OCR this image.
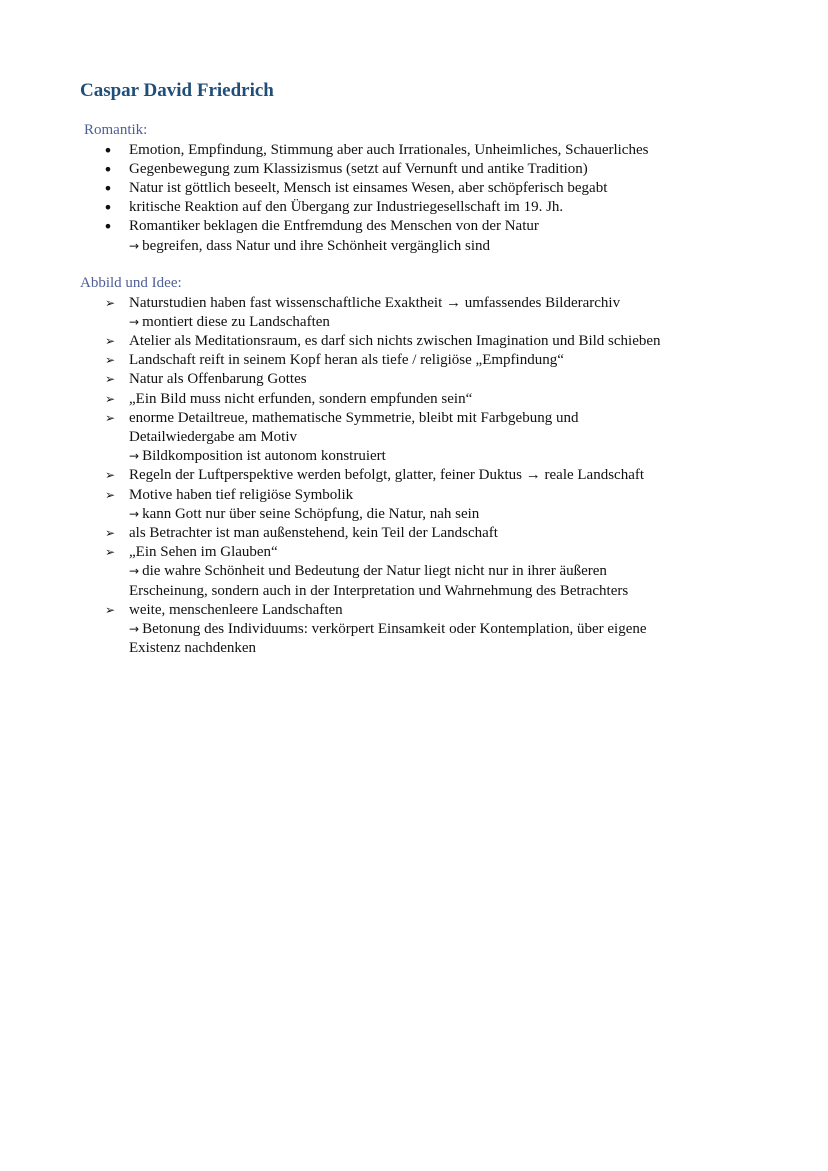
Caspar David Friedrich
Romantik:
• Emotion, Empfindung, Stimmung aber auch Irrationales, Unheimliches, Schauerliches
• Gegenbewegung zum Klassizismus (setzt auf Vernunft und antike Tradition)
• Natur ist göttlich beseelt, Mensch ist einsames Wesen, aber schöpferisch begabt
• kritische Reaktion auf den Übergang zur Industriegesellschaft im 19. Jh.
• Romantiker beklagen die Entfremdung des Menschen von der Natur
→ begreifen, dass Natur und ihre Schönheit vergänglich sind
Abbild und Idee:
➢ Naturstudien haben fast wissenschaftliche Exaktheit → umfassendes Bilderarchiv
→ montiert diese zu Landschaften
➢ Atelier als Meditationsraum, es darf sich nichts zwischen Imagination und Bild schieben
➢ Landschaft reift in seinem Kopf heran als tiefe / religiöse „Empfindung“
➢ Natur als Offenbarung Gottes
➢ „Ein Bild muss nicht erfunden, sondern empfunden sein“
➢ enorme Detailtreue, mathematische Symmetrie, bleibt mit Farbgebung und
Detailwiedergabe am Motiv
→ Bildkomposition ist autonom konstruiert
➢ Regeln der Luftperspektive werden befolgt, glatter, feiner Duktus → reale Landschaft
➢ Motive haben tief religiöse Symbolik
→ kann Gott nur über seine Schöpfung, die Natur, nah sein
➢ als Betrachter ist man außenstehend, kein Teil der Landschaft
➢ „Ein Sehen im Glauben“
→ die wahre Schönheit und Bedeutung der Natur liegt nicht nur in ihrer äußeren
Erscheinung, sondern auch in der Interpretation und Wahrnehmung des Betrachters
➢ weite, menschenleere Landschaften
→ Betonung des Individuums: verkörpert Einsamkeit oder Kontemplation, über eigene
Existenz nachdenken
